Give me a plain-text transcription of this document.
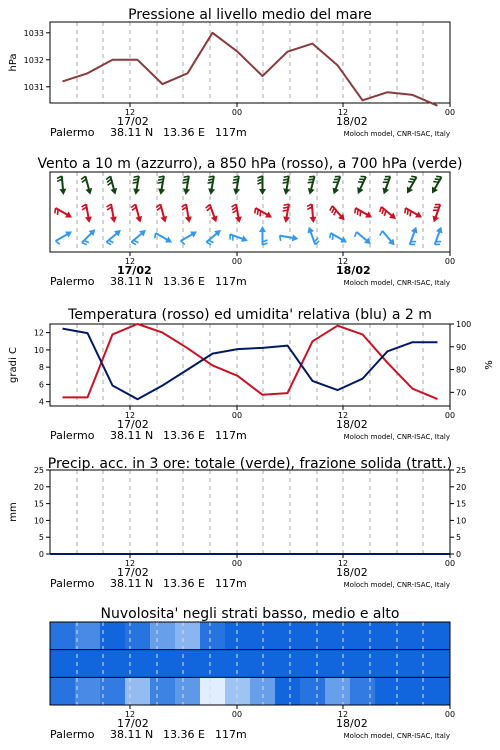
Pressione al livello medio del mare
1031
1032
1033
hPa
12	00	12	00
17/02	18/02
Palermo 38.11 N 13.36 E 117m	Moloch model, CNR-ISAC, Italy
Vento a 10 m (azzurro), a 850 hPa (rosso), a 700 hPa (verde)
12	00	12	00
17/02	18/02
Palermo 38.11 N 13.36 E 117m	Moloch model, CNR-ISAC, Italy
Temperatura (rosso) ed umidita' relativa (blu) a 2 m
4
6
8
10
12
70
80
90
100
gradi C	%
12	00	12	00
17/02	18/02
Palermo 38.11 N 13.36 E 117m	Moloch model, CNR-ISAC, Italy
Precip. acc. in 3 ore: totale (verde), frazione solida (tratt.)
0
5
10
15
20
25
0
5
10
15
20
25
mm
12	00	12	00
17/02	18/02
Palermo 38.11 N 13.36 E 117m	Moloch model, CNR-ISAC, Italy
Nuvolosita' negli strati basso, medio e alto
12	00	12	00
17/02	18/02
Palermo 38.11 N 13.36 E 117m	Moloch model, CNR-ISAC, Italy
